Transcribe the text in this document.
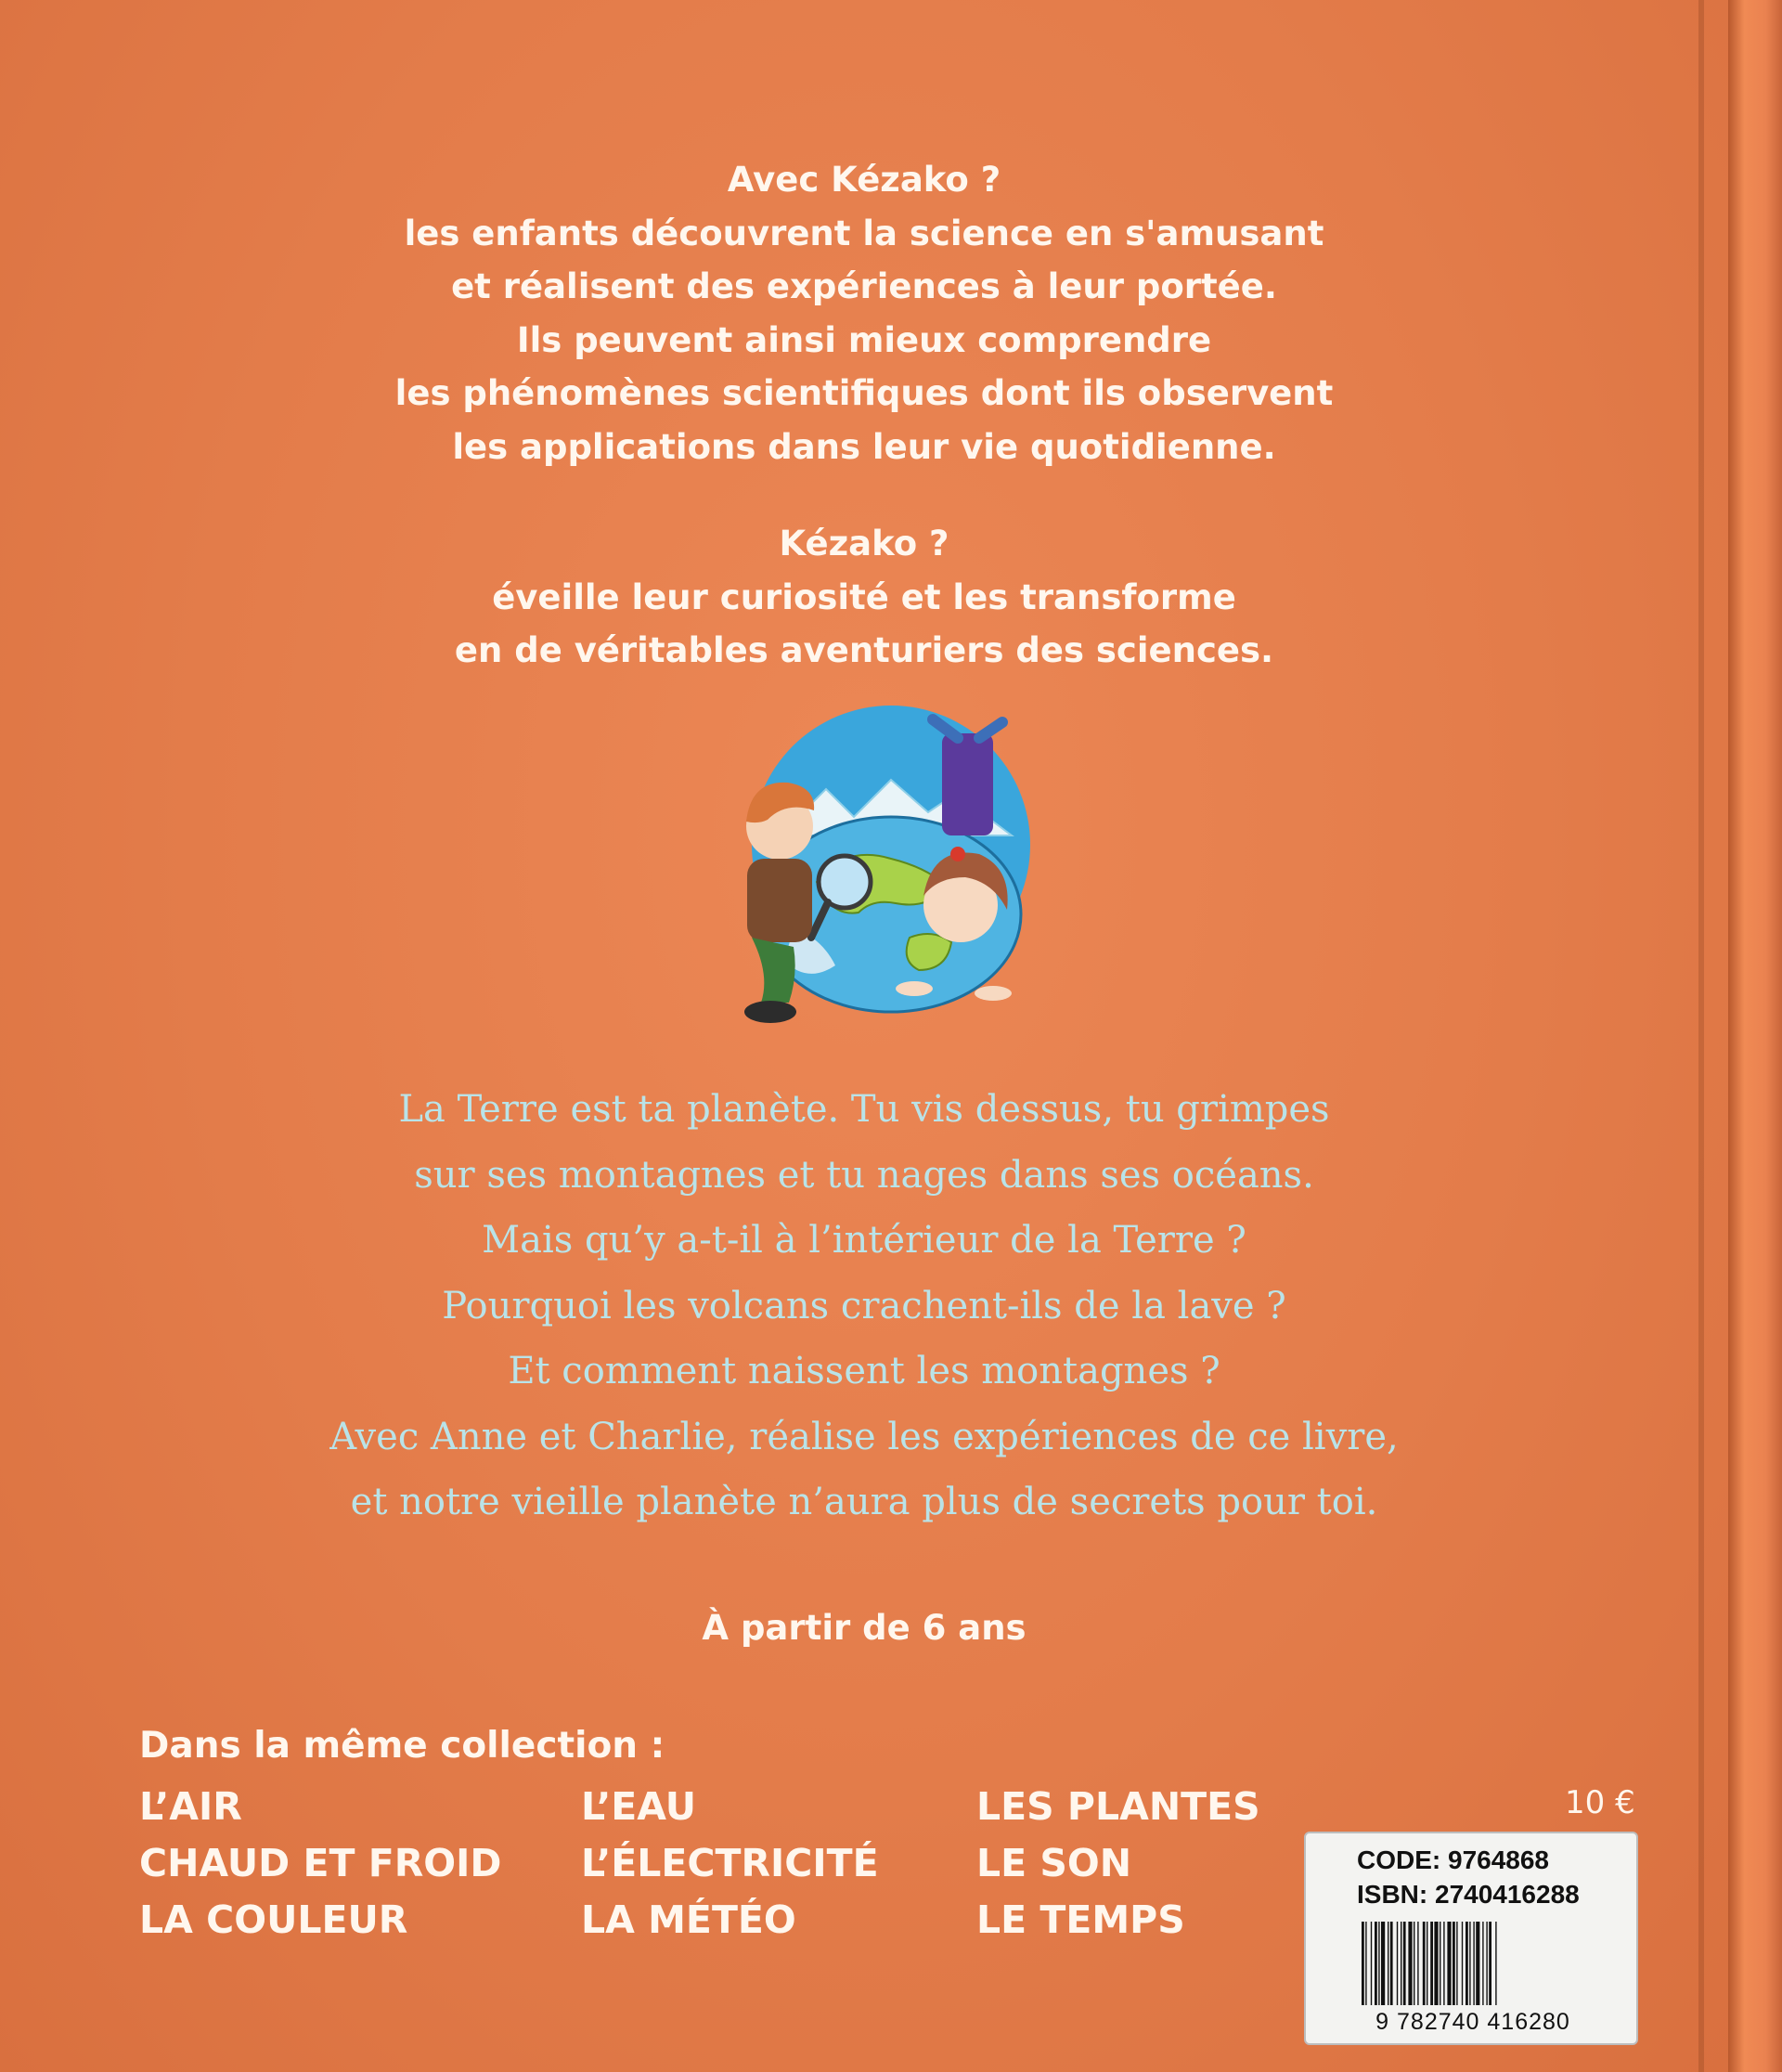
Avec Kézako ?
les enfants découvrent la science en s'amusant
et réalisent des expériences à leur portée.
Ils peuvent ainsi mieux comprendre
les phénomènes scientifiques dont ils observent
les applications dans leur vie quotidienne.
Kézako ?
éveille leur curiosité et les transforme
en de véritables aventuriers des sciences.
La Terre est ta planète. Tu vis dessus, tu grimpes
sur ses montagnes et tu nages dans ses océans.
Mais qu’y a-t-il à l’intérieur de la Terre ?
Pourquoi les volcans crachent-ils de la lave ?
Et comment naissent les montagnes ?
Avec Anne et Charlie, réalise les expériences de ce livre,
et notre vieille planète n’aura plus de secrets pour toi.
À partir de 6 ans
Dans la même collection :
L’AIR
CHAUD ET FROID
LA COULEUR
L’EAU
L’ÉLECTRICITÉ
LA MÉTÉO
LES PLANTES
LE SON
LE TEMPS
10 €
CODE: 9764868
ISBN: 2740416288
9 782740 416280
